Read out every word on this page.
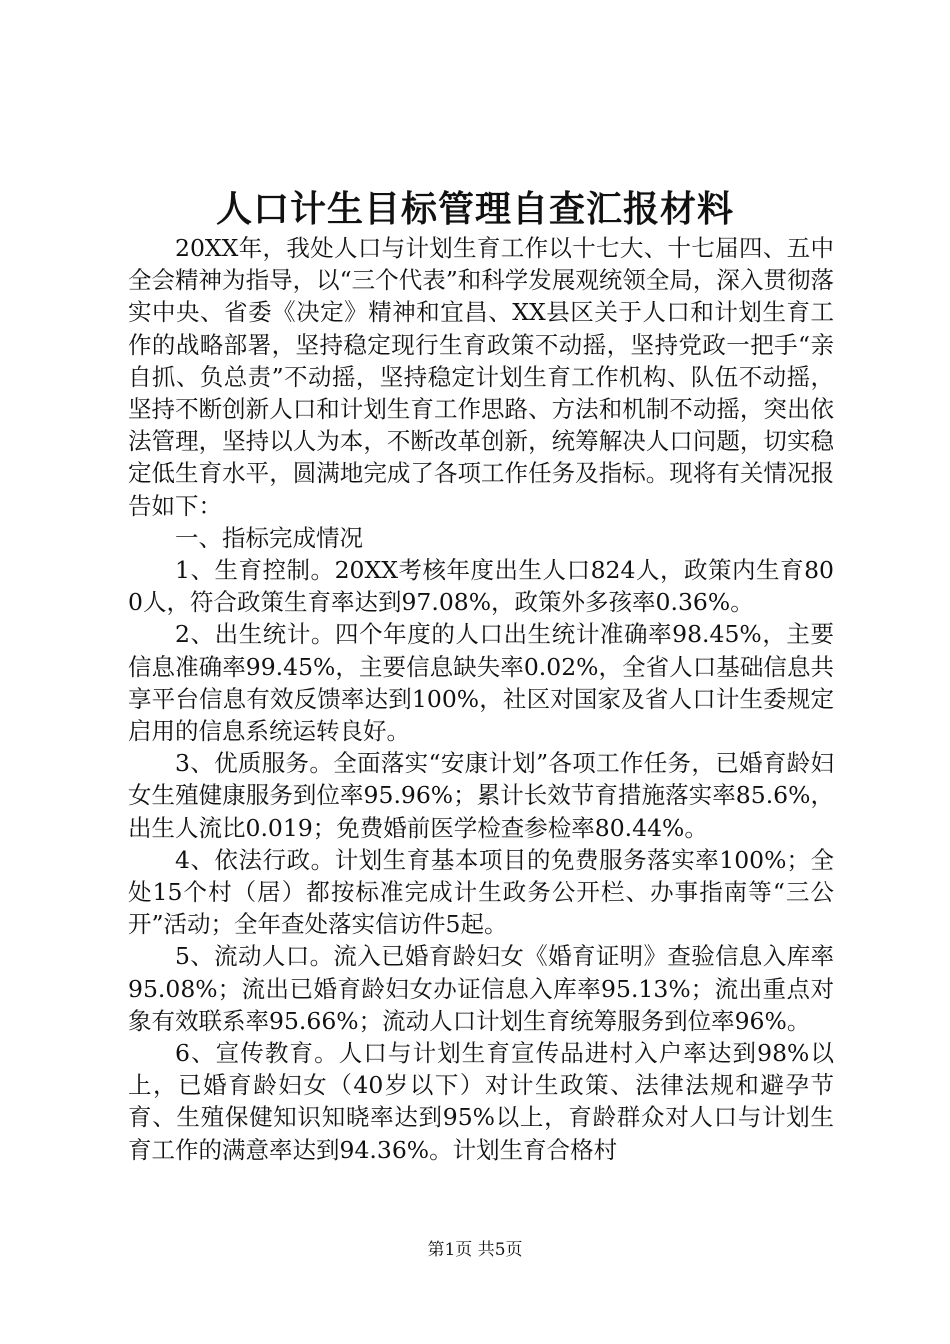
人口计生目标管理自查汇报材料

20XX年，我处人口与计划生育工作以十七大、十七届四、五中全会精神为指导，以“三个代表”和科学发展观统领全局，深入贯彻落实中央、省委《决定》精神和宜昌、XX县区关于人口和计划生育工作的战略部署，坚持稳定现行生育政策不动摇，坚持党政一把手“亲自抓、负总责”不动摇，坚持稳定计划生育工作机构、队伍不动摇，坚持不断创新人口和计划生育工作思路、方法和机制不动摇，突出依法管理，坚持以人为本，不断改革创新，统筹解决人口问题，切实稳定低生育水平，圆满地完成了各项工作任务及指标。现将有关情况报告如下：

一、指标完成情况

1、生育控制。20XX考核年度出生人口824人，政策内生育800人，符合政策生育率达到97.08%，政策外多孩率0.36%。

2、出生统计。四个年度的人口出生统计准确率98.45%，主要信息准确率99.45%，主要信息缺失率0.02%，全省人口基础信息共享平台信息有效反馈率达到100%，社区对国家及省人口计生委规定启用的信息系统运转良好。

3、优质服务。全面落实“安康计划”各项工作任务，已婚育龄妇女生殖健康服务到位率95.96%；累计长效节育措施落实率85.6%，出生人流比0.019；免费婚前医学检查参检率80.44%。

4、依法行政。计划生育基本项目的免费服务落实率100%；全处15个村（居）都按标准完成计生政务公开栏、办事指南等“三公开”活动；全年查处落实信访件5起。

5、流动人口。流入已婚育龄妇女《婚育证明》查验信息入库率95.08%；流出已婚育龄妇女办证信息入库率95.13%；流出重点对象有效联系率95.66%；流动人口计划生育统筹服务到位率96%。

6、宣传教育。人口与计划生育宣传品进村入户率达到98%以上，已婚育龄妇女（40岁以下）对计生政策、法律法规和避孕节育、生殖保健知识知晓率达到95%以上，育龄群众对人口与计划生育工作的满意率达到94.36%。计划生育合格村

第1页 共5页
